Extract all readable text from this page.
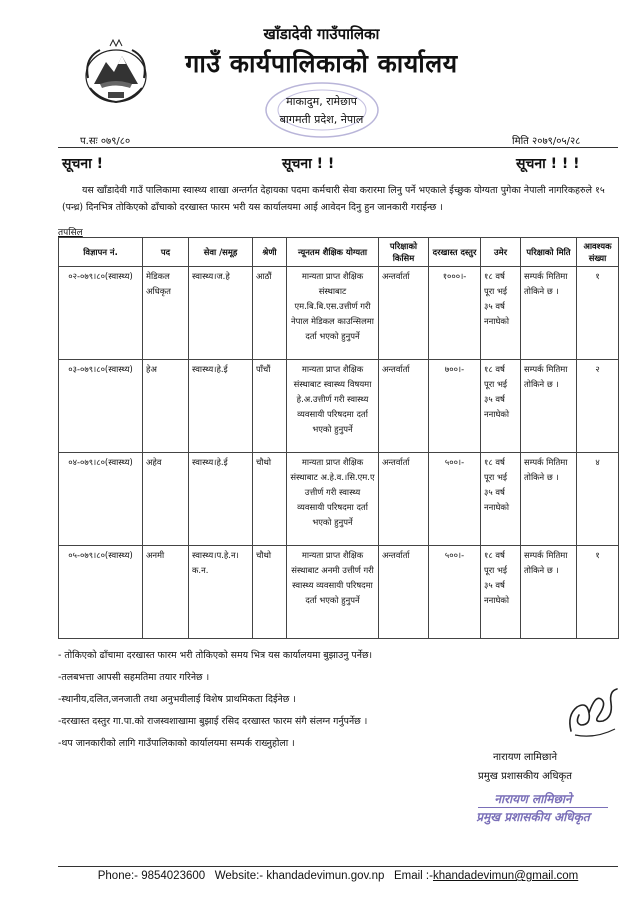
खाँडादेवी गाउँपालिका
गाउँ कार्यपालिकाको कार्यालय
माकादुम, रामेछाप
बागमती प्रदेश, नेपाल
प.सः ०७९/८०	मिति २०७९/०५/२८
सूचना !	सूचना ! !	सूचना ! ! !
यस खाँडादेवी गाउँ पालिकामा स्वास्थ्य शाखा अन्तर्गत देहायका पदमा कर्मचारी सेवा करारमा लिनु पर्ने भएकाले ईच्छुक योग्यता पुगेका नेपाली नागरिकहरुले १५ (पन्ध्र) दिनभित्र तोकिएको ढाँचाको दरखास्त फारम भरी यस कार्यालयमा आई आवेदन दिनु हुन जानकारी गराईन्छ ।
तपसिल
विज्ञापन नं.	पद	सेवा /समूह	श्रेणी	न्यूनतम शैक्षिक योग्यता	परिक्षाको किसिम	दरखास्त दस्तुर	उमेर	परिक्षाको मिति	आवश्यक संख्या
०२-०७९।८०(स्वास्थ्य)	मेडिकल अधिकृत	स्वास्थ्य।ज.हे	आठौं	मान्यता प्राप्त शैक्षिक संस्थाबाट एम.बि.बि.एस.उत्तीर्ण गरी नेपाल मेडिकल काउन्सिलमा दर्ता भएको हुनुपर्ने	अन्तर्वार्ता	१०००।-	१८ वर्ष पूरा भई ३५ वर्ष ननाघेको	सम्पर्क मितिमा तोकिने छ ।	१
०३-०७९।८०(स्वास्थ्य)	हेअ	स्वास्थ्य।हे.ई	पाँचौं	मान्यता प्राप्त शैक्षिक संस्थाबाट स्वास्थ्य विषयमा हे.अ.उत्तीर्ण गरी स्वास्थ्य व्यवसायी परिषदमा दर्ता भएको हुनुपर्ने	अन्तर्वार्ता	७००।-	१८ वर्ष पूरा भई ३५ वर्ष ननाघेको	सम्पर्क मितिमा तोकिने छ ।	२
०४-०७९।८०(स्वास्थ्य)	अहेव	स्वास्थ्य।हे.ई	चौथो	मान्यता प्राप्त शैक्षिक संस्थाबाट अ.हे.व.।सि.एम.ए उत्तीर्ण गरी स्वास्थ्य व्यवसायी परिषदमा दर्ता भएको हुनुपर्ने	अन्तर्वार्ता	५००।-	१८ वर्ष पूरा भई ३५ वर्ष ननाघेको	सम्पर्क मितिमा तोकिने छ ।	४
०५-०७९।८०(स्वास्थ्य)	अनमी	स्वास्थ्य।प.हे.न।क.न.	चौथो	मान्यता प्राप्त शैक्षिक संस्थाबाट अनमी उत्तीर्ण गरी स्वास्थ्य व्यवसायी परिषदमा दर्ता भएको हुनुपर्ने	अन्तर्वार्ता	५००।-	१८ वर्ष पूरा भई ३५ वर्ष ननाघेको	सम्पर्क मितिमा तोकिने छ ।	१
- तोकिएको ढाँचामा दरखास्त फारम भरी तोकिएको समय भित्र यस कार्यालयमा बुझाउनु पर्नेछ।
-तलबभत्ता आपसी सहमतिमा तयार गरिनेछ ।
-स्थानीय,दलित,जनजाती तथा अनुभवीलाई विशेष प्राथमिकता दिईनेछ ।
-दरखास्त दस्तुर गा.पा.को राजस्वशाखामा बुझाई रसिद दरखास्त फारम संगै संलग्न गर्नुपर्नेछ ।
-थप जानकारीको लागि गाउँपालिकाको कार्यालयमा सम्पर्क राख्नुहोला ।
नारायण लामिछाने
प्रमुख प्रशासकीय अधिकृत
नारायण लामिछाने
प्रमुख प्रशासकीय अधिकृत
Phone:- 9854023600 Website:- khandadevimun.gov.np Email :-khandadevimun@gmail.com
